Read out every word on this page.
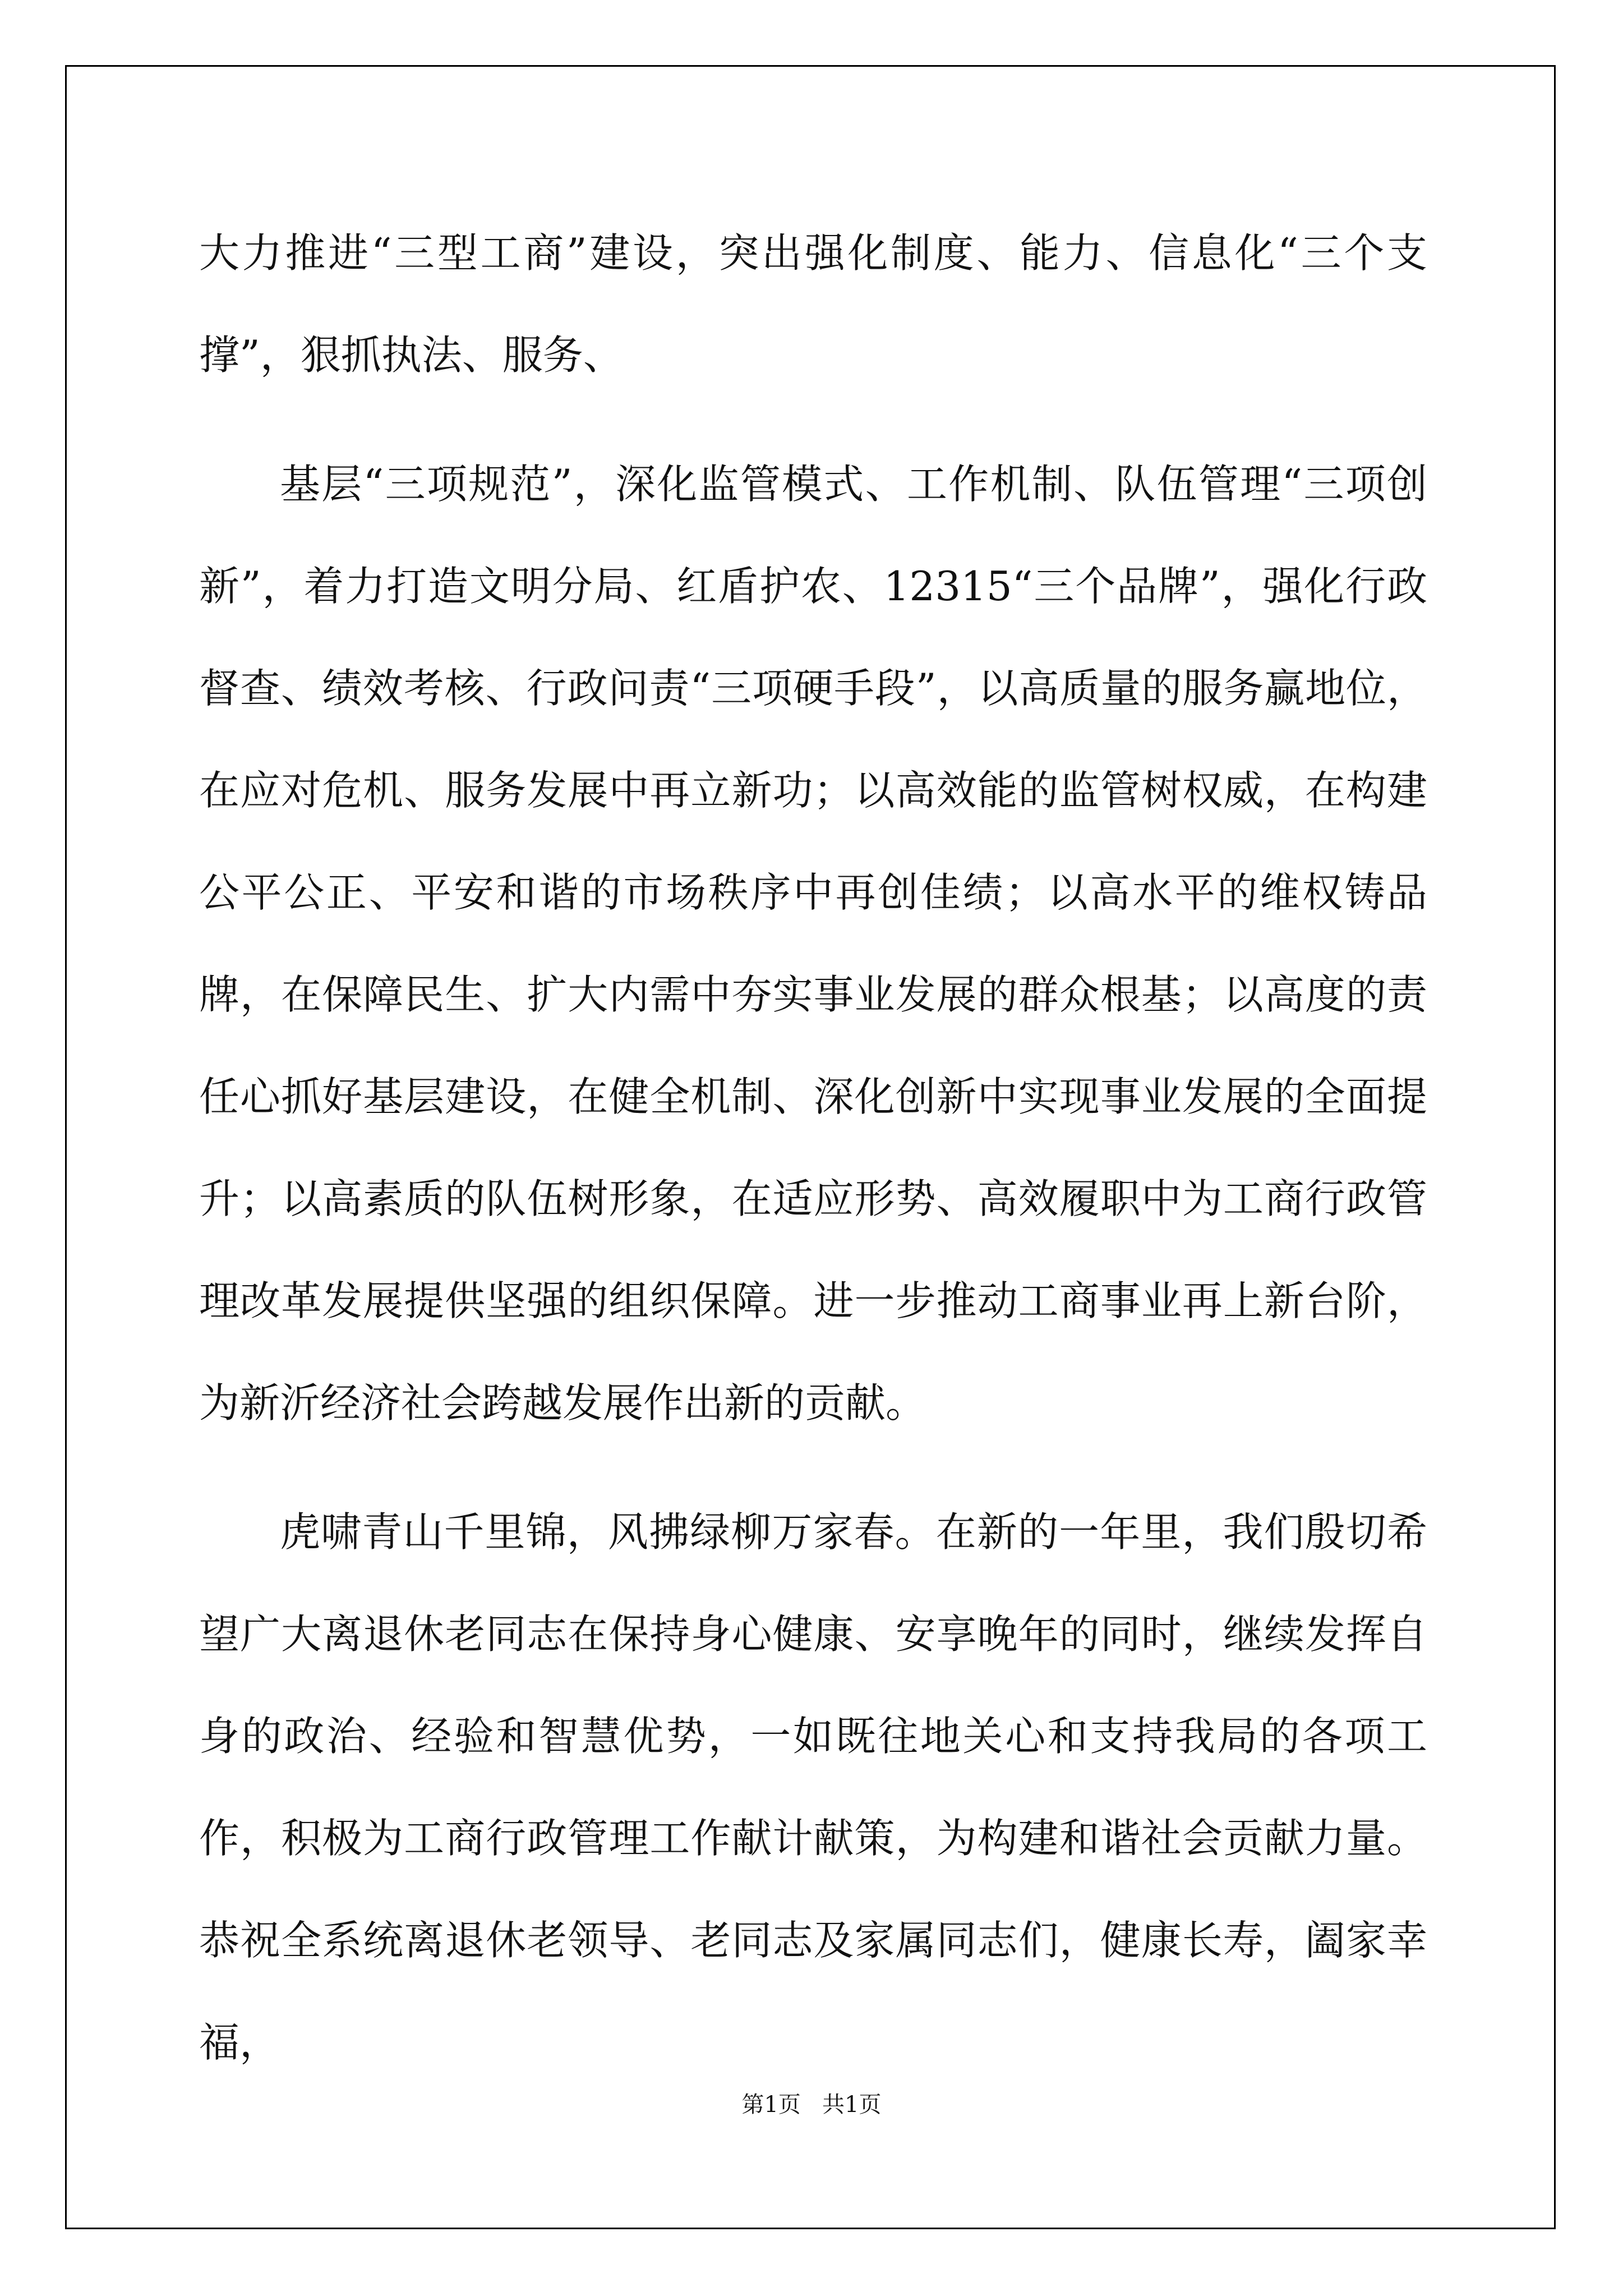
大力推进“三型工商”建设，突出强化制度、能力、信息化“三个支撑”，狠抓执法、服务、

基层“三项规范”，深化监管模式、工作机制、队伍管理“三项创新”，着力打造文明分局、红盾护农、12315“三个品牌”，强化行政督查、绩效考核、行政问责“三项硬手段”，以高质量的服务赢地位，在应对危机、服务发展中再立新功；以高效能的监管树权威，在构建公平公正、平安和谐的市场秩序中再创佳绩；以高水平的维权铸品牌，在保障民生、扩大内需中夯实事业发展的群众根基；以高度的责任心抓好基层建设，在健全机制、深化创新中实现事业发展的全面提升；以高素质的队伍树形象，在适应形势、高效履职中为工商行政管理改革发展提供坚强的组织保障。进一步推动工商事业再上新台阶，为新沂经济社会跨越发展作出新的贡献。

虎啸青山千里锦，风拂绿柳万家春。在新的一年里，我们殷切希望广大离退休老同志在保持身心健康、安享晚年的同时，继续发挥自身的政治、经验和智慧优势，一如既往地关心和支持我局的各项工作，积极为工商行政管理工作献计献策，为构建和谐社会贡献力量。恭祝全系统离退休老领导、老同志及家属同志们，健康长寿，阖家幸福，

第1页   共1页
